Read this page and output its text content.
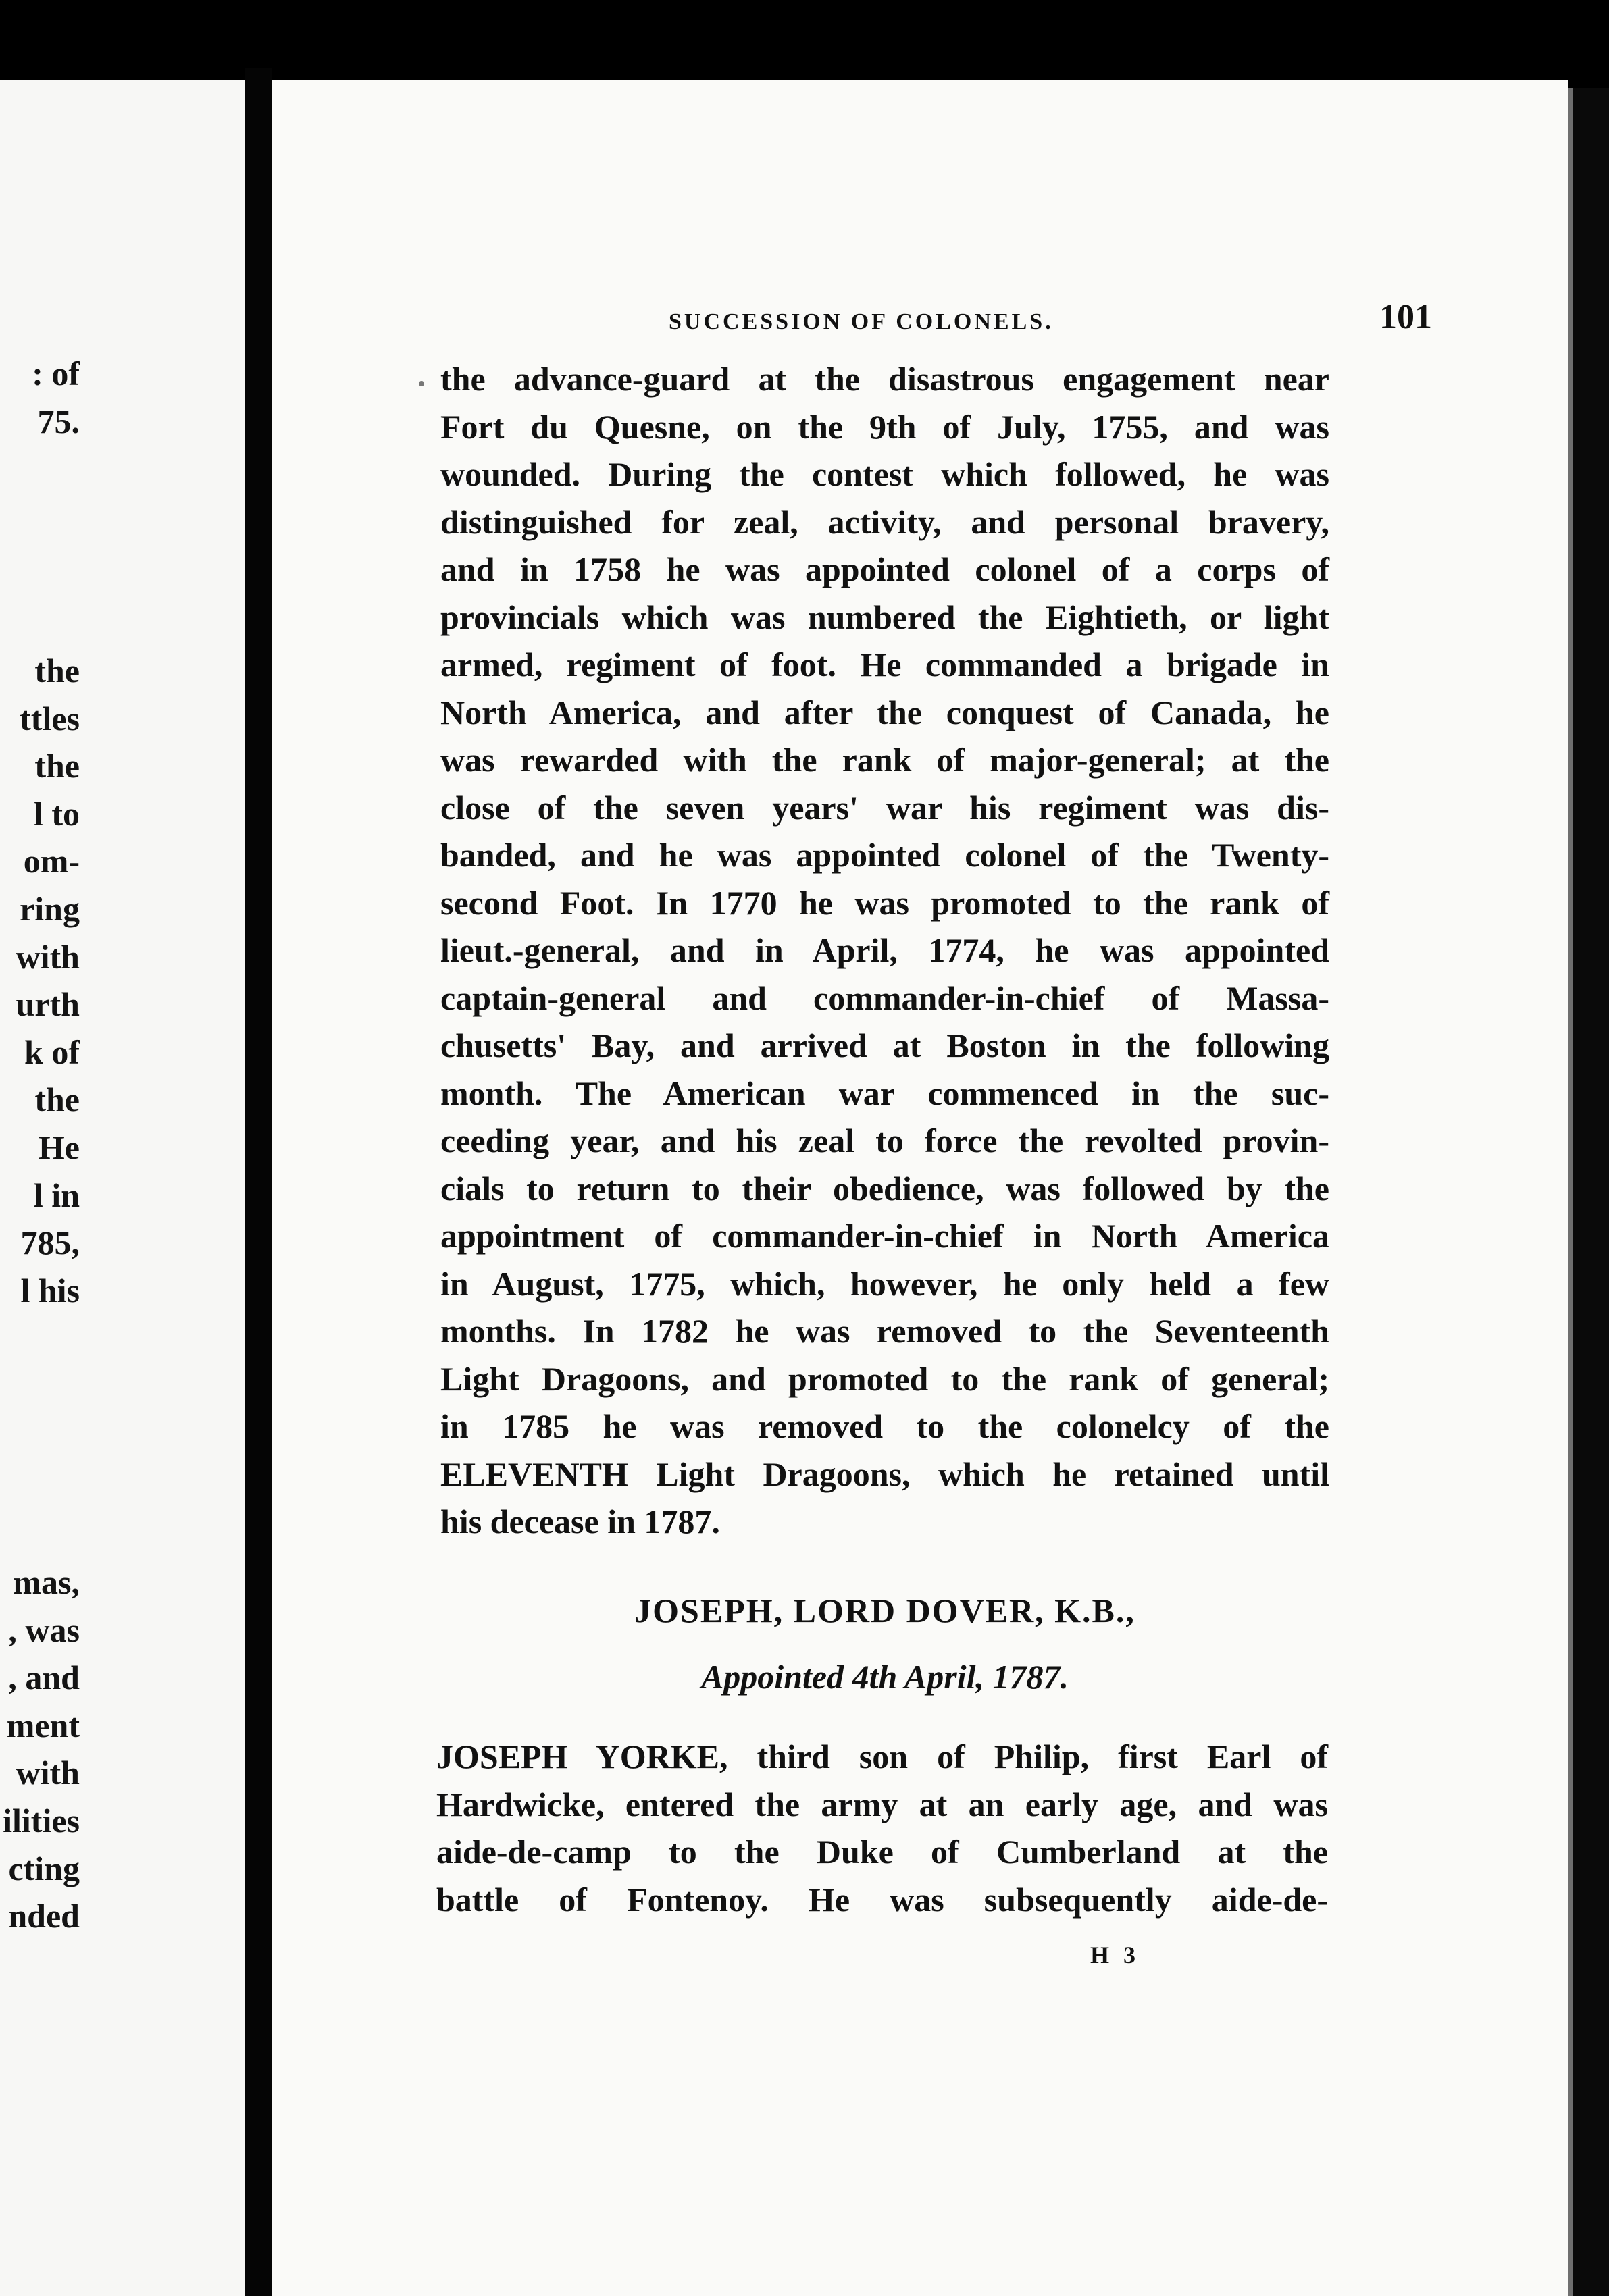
: of
75.
the
ttles
the
l to
om-
ring
with
urth
k of
the
He
l in
785,
l his
mas,
, was
, and
ment
with
ilities
cting
nded
SUCCESSION OF COLONELS.	101
the advance-guard at the disastrous engagement near
Fort du Quesne, on the 9th of July, 1755, and was
wounded. During the contest which followed, he was
distinguished for zeal, activity, and personal bravery,
and in 1758 he was appointed colonel of a corps of
provincials which was numbered the Eightieth, or light
armed, regiment of foot. He commanded a brigade in
North America, and after the conquest of Canada, he
was rewarded with the rank of major-general; at the
close of the seven years' war his regiment was dis-
banded, and he was appointed colonel of the Twenty-
second Foot. In 1770 he was promoted to the rank of
lieut.-general, and in April, 1774, he was appointed
captain-general and commander-in-chief of Massa-
chusetts' Bay, and arrived at Boston in the following
month. The American war commenced in the suc-
ceeding year, and his zeal to force the revolted provin-
cials to return to their obedience, was followed by the
appointment of commander-in-chief in North America
in August, 1775, which, however, he only held a few
months. In 1782 he was removed to the Seventeenth
Light Dragoons, and promoted to the rank of general;
in 1785 he was removed to the colonelcy of the
ELEVENTH Light Dragoons, which he retained until
his decease in 1787.
JOSEPH, LORD DOVER, K.B.,
Appointed 4th April, 1787.
JOSEPH YORKE, third son of Philip, first Earl of
Hardwicke, entered the army at an early age, and was
aide-de-camp to the Duke of Cumberland at the
battle of Fontenoy. He was subsequently aide-de-
H 3
